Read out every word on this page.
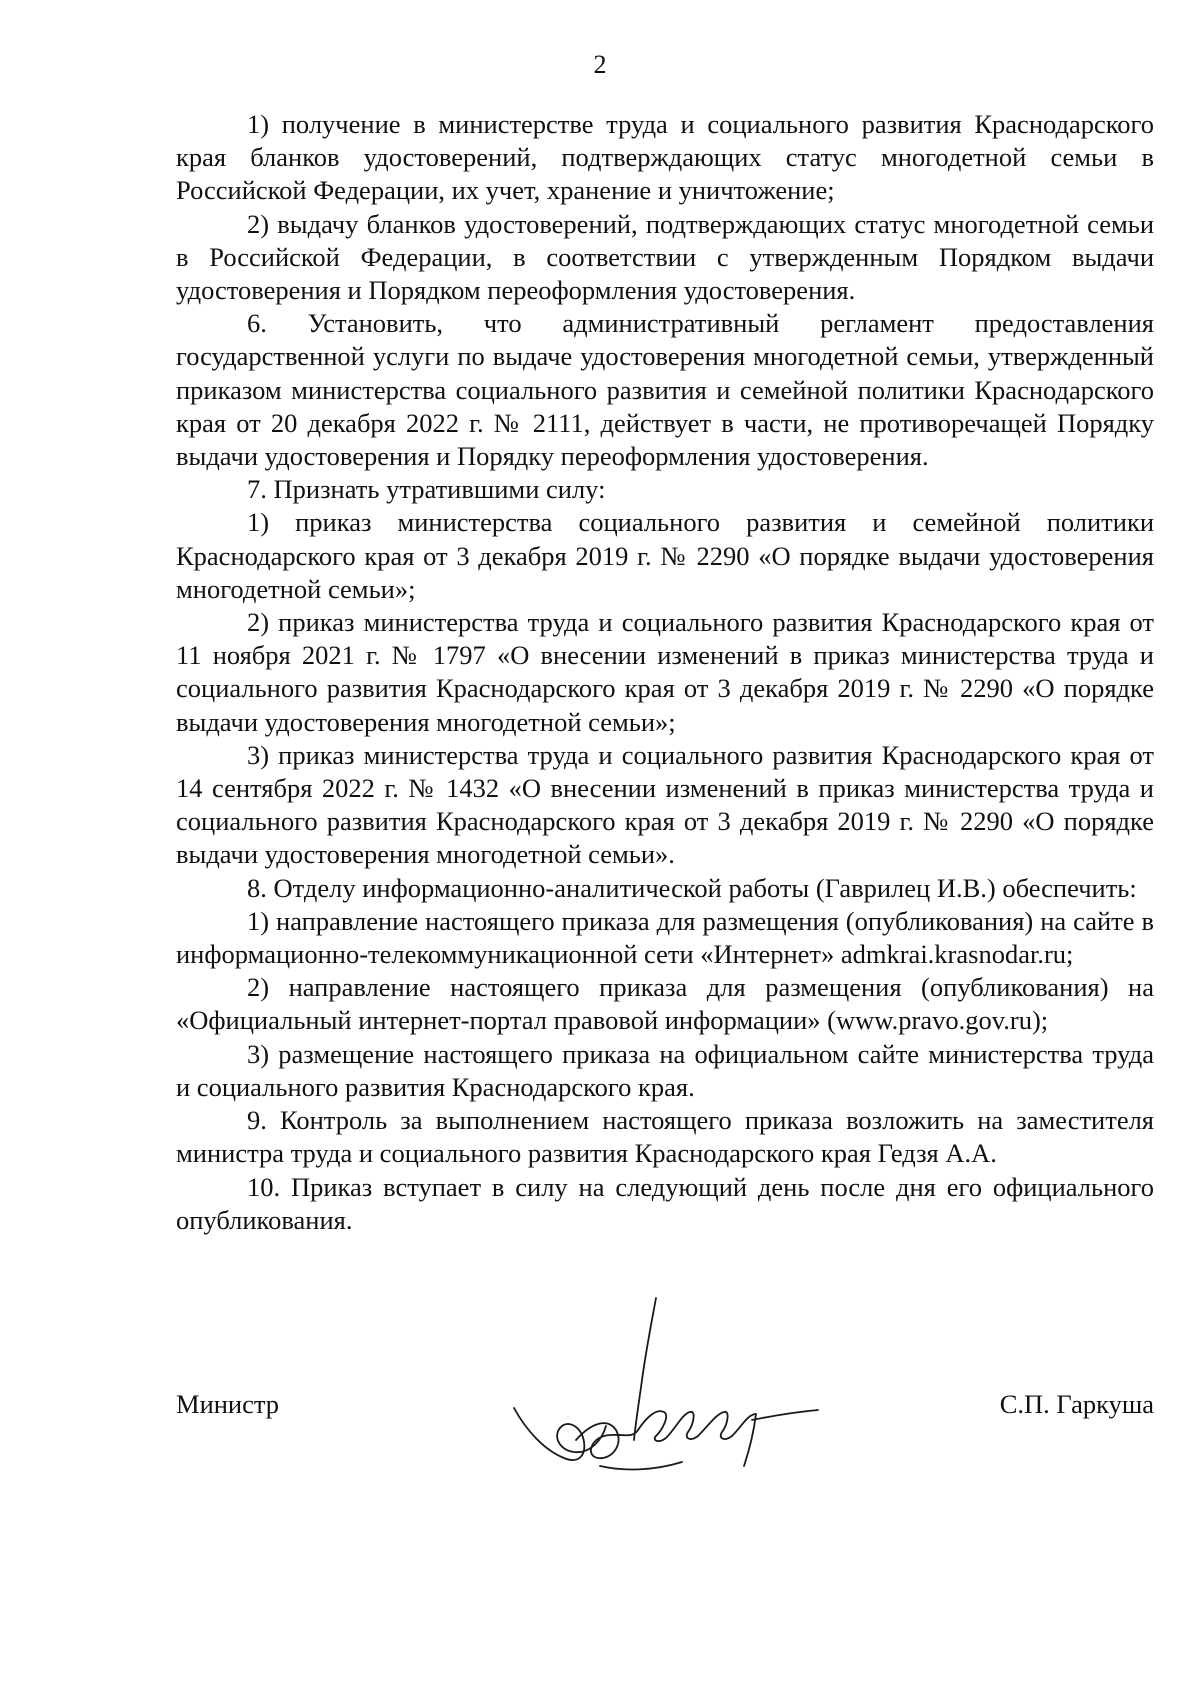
2

1) получение в министерстве труда и социального развития Краснодарского края бланков удостоверений, подтверждающих статус многодетной семьи в Российской Федерации, их учет, хранение и уничтожение;

2) выдачу бланков удостоверений, подтверждающих статус многодетной семьи в Российской Федерации, в соответствии с утвержденным Порядком выдачи удостоверения и Порядком переоформления удостоверения.

6. Установить, что административный регламент предоставления государственной услуги по выдаче удостоверения многодетной семьи, утвержденный приказом министерства социального развития и семейной политики Краснодарского края от 20 декабря 2022 г. № 2111, действует в части, не противоречащей Порядку выдачи удостоверения и Порядку переоформления удостоверения.

7. Признать утратившими силу:

1) приказ министерства социального развития и семейной политики Краснодарского края от 3 декабря 2019 г. № 2290 «О порядке выдачи удостоверения многодетной семьи»;

2) приказ министерства труда и социального развития Краснодарского края от 11 ноября 2021 г. № 1797 «О внесении изменений в приказ министерства труда и социального развития Краснодарского края от 3 декабря 2019 г. № 2290 «О порядке выдачи удостоверения многодетной семьи»;

3) приказ министерства труда и социального развития Краснодарского края от 14 сентября 2022 г. № 1432 «О внесении изменений в приказ министерства труда и социального развития Краснодарского края от 3 декабря 2019 г. № 2290 «О порядке выдачи удостоверения многодетной семьи».

8. Отделу информационно-аналитической работы (Гаврилец И.В.) обеспечить:

1) направление настоящего приказа для размещения (опубликования) на сайте в информационно-телекоммуникационной сети «Интернет» admkrai.krasnodar.ru;

2) направление настоящего приказа для размещения (опубликования) на «Официальный интернет-портал правовой информации» (www.pravo.gov.ru);

3) размещение настоящего приказа на официальном сайте министерства труда и социального развития Краснодарского края.

9. Контроль за выполнением настоящего приказа возложить на заместителя министра труда и социального развития Краснодарского края Гедзя А.А.

10. Приказ вступает в силу на следующий день после дня его официального опубликования.

Министр	С.П. Гаркуша
